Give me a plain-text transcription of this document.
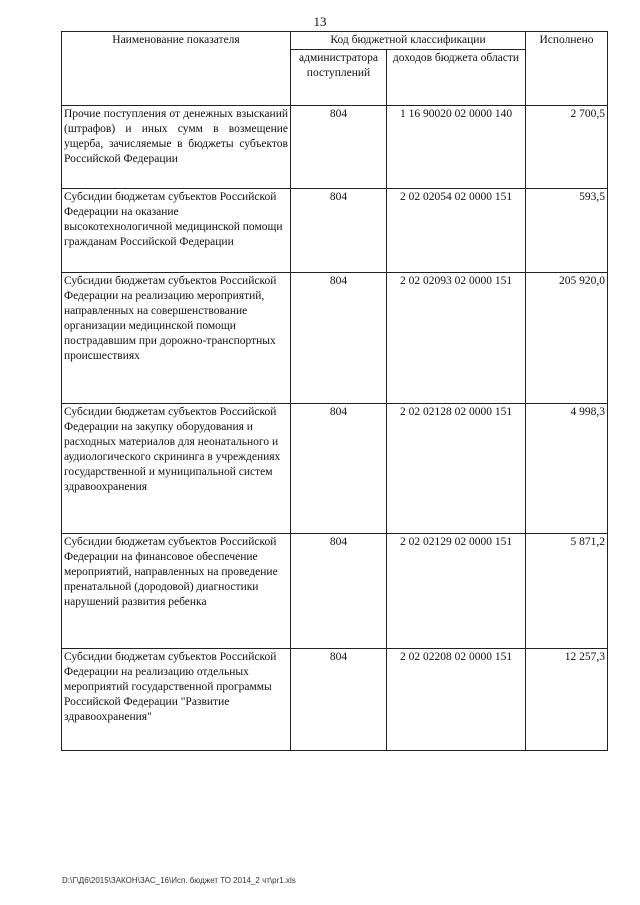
13
Наименование показателя	Код бюджетной классификации		Исполнено
	администратора поступлений	доходов бюджета области	
Прочие поступления от денежных взысканий (штрафов) и иных сумм в возмещение ущерба, зачисляемые в бюджеты субъектов Российской Федерации	804	1 16 90020 02 0000 140	2 700,5
Субсидии бюджетам субъектов Российской Федерации на оказание высокотехнологичной медицинской помощи гражданам Российской Федерации	804	2 02 02054 02 0000 151	593,5
Субсидии бюджетам субъектов Российской Федерации на реализацию мероприятий, направленных на совершенствование организации медицинской помощи пострадавшим при дорожно-транспортных происшествиях	804	2 02 02093 02 0000 151	205 920,0
Субсидии бюджетам субъектов Российской Федерации на закупку оборудования и расходных материалов для неонатального и аудиологического скрининга в учреждениях государственной и муниципальной систем здравоохранения	804	2 02 02128 02 0000 151	4 998,3
Субсидии бюджетам субъектов Российской Федерации на финансовое обеспечение мероприятий, направленных на проведение пренатальной (дородовой) диагностики нарушений развития ребенка	804	2 02 02129 02 0000 151	5 871,2
Субсидии бюджетам субъектов Российской Федерации на реализацию отдельных мероприятий государственной программы Российской Федерации "Развитие здравоохранения"	804	2 02 02208 02 0000 151	12 257,3
D:\Г\Д6\2015\ЗАКОН\ЗАС_16\Исп. бюджет ТО 2014_2 чт\pr1.xls
